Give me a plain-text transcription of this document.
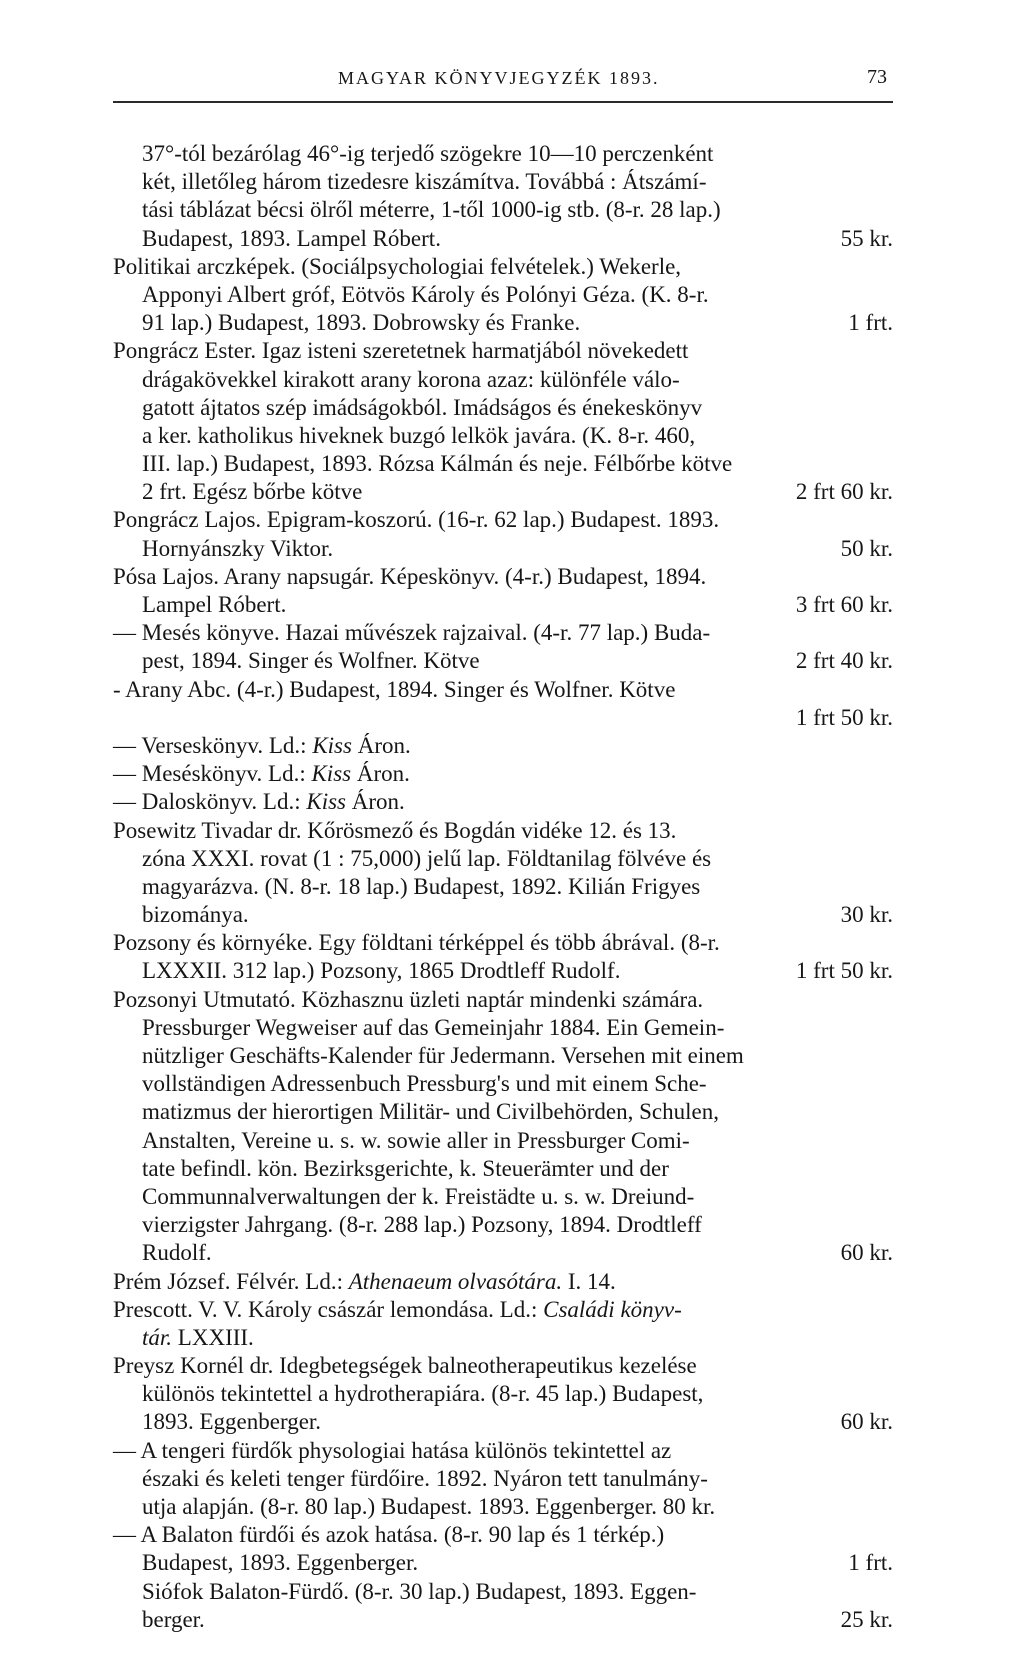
MAGYAR KÖNYVJEGYZÉK 1893.	73
37°-tól bezárólag 46°-ig terjedő szögekre 10—10 perczenként
két, illetőleg három tizedesre kiszámítva. Továbbá : Átszámí-
tási táblázat bécsi ölről méterre, 1-től 1000-ig stb. (8-r. 28 lap.)
Budapest, 1893. Lampel Róbert.	55 kr.
Politikai arczképek. (Sociálpsychologiai felvételek.) Wekerle,
Apponyi Albert gróf, Eötvös Károly és Polónyi Géza. (K. 8-r.
91 lap.) Budapest, 1893. Dobrowsky és Franke.	1 frt.
Pongrácz Ester. Igaz isteni szeretetnek harmatjából növekedett
drágakövekkel kirakott arany korona azaz: különféle válo-
gatott ájtatos szép imádságokból. Imádságos és énekeskönyv
a ker. katholikus hiveknek buzgó lelkök javára. (K. 8-r. 460,
III. lap.) Budapest, 1893. Rózsa Kálmán és neje. Félbőrbe kötve
2 frt. Egész bőrbe kötve	2 frt 60 kr.
Pongrácz Lajos. Epigram-koszorú. (16-r. 62 lap.) Budapest. 1893.
Hornyánszky Viktor.	50 kr.
Pósa Lajos. Arany napsugár. Képeskönyv. (4-r.) Budapest, 1894.
Lampel Róbert.	3 frt 60 kr.
— Mesés könyve. Hazai művészek rajzaival. (4-r. 77 lap.) Buda-
pest, 1894. Singer és Wolfner. Kötve	2 frt 40 kr.
- Arany Abc. (4-r.) Budapest, 1894. Singer és Wolfner. Kötve
1 frt 50 kr.
— Verseskönyv. Ld.: Kiss Áron.
— Meséskönyv. Ld.: Kiss Áron.
— Daloskönyv. Ld.: Kiss Áron.
Posewitz Tivadar dr. Kőrösmező és Bogdán vidéke 12. és 13.
zóna XXXI. rovat (1 : 75,000) jelű lap. Földtanilag fölvéve és
magyarázva. (N. 8-r. 18 lap.) Budapest, 1892. Kilián Frigyes
bizománya.	30 kr.
Pozsony és környéke. Egy földtani térképpel és több ábrával. (8-r.
LXXXII. 312 lap.) Pozsony, 1865 Drodtleff Rudolf.	1 frt 50 kr.
Pozsonyi Utmutató. Közhasznu üzleti naptár mindenki számára.
Pressburger Wegweiser auf das Gemeinjahr 1884. Ein Gemein-
nützliger Geschäfts-Kalender für Jedermann. Versehen mit einem
vollständigen Adressenbuch Pressburg's und mit einem Sche-
matizmus der hierortigen Militär- und Civilbehörden, Schulen,
Anstalten, Vereine u. s. w. sowie aller in Pressburger Comi-
tate befindl. kön. Bezirksgerichte, k. Steuerämter und der
Communnalverwaltungen der k. Freistädte u. s. w. Dreiund-
vierzigster Jahrgang. (8-r. 288 lap.) Pozsony, 1894. Drodtleff
Rudolf.	60 kr.
Prém József. Félvér. Ld.: Athenaeum olvasótára. I. 14.
Prescott. V. V. Károly császár lemondása. Ld.: Családi könyv-
tár. LXXIII.
Preysz Kornél dr. Idegbetegségek balneotherapeutikus kezelése
különös tekintettel a hydrotherapiára. (8-r. 45 lap.) Budapest,
1893. Eggenberger.	60 kr.
— A tengeri fürdők physologiai hatása különös tekintettel az
északi és keleti tenger fürdőire. 1892. Nyáron tett tanulmány-
utja alapján. (8-r. 80 lap.) Budapest. 1893. Eggenberger. 80 kr.
— A Balaton fürdői és azok hatása. (8-r. 90 lap és 1 térkép.)
Budapest, 1893. Eggenberger.	1 frt.
Siófok Balaton-Fürdő. (8-r. 30 lap.) Budapest, 1893. Eggen-
berger.	25 kr.
